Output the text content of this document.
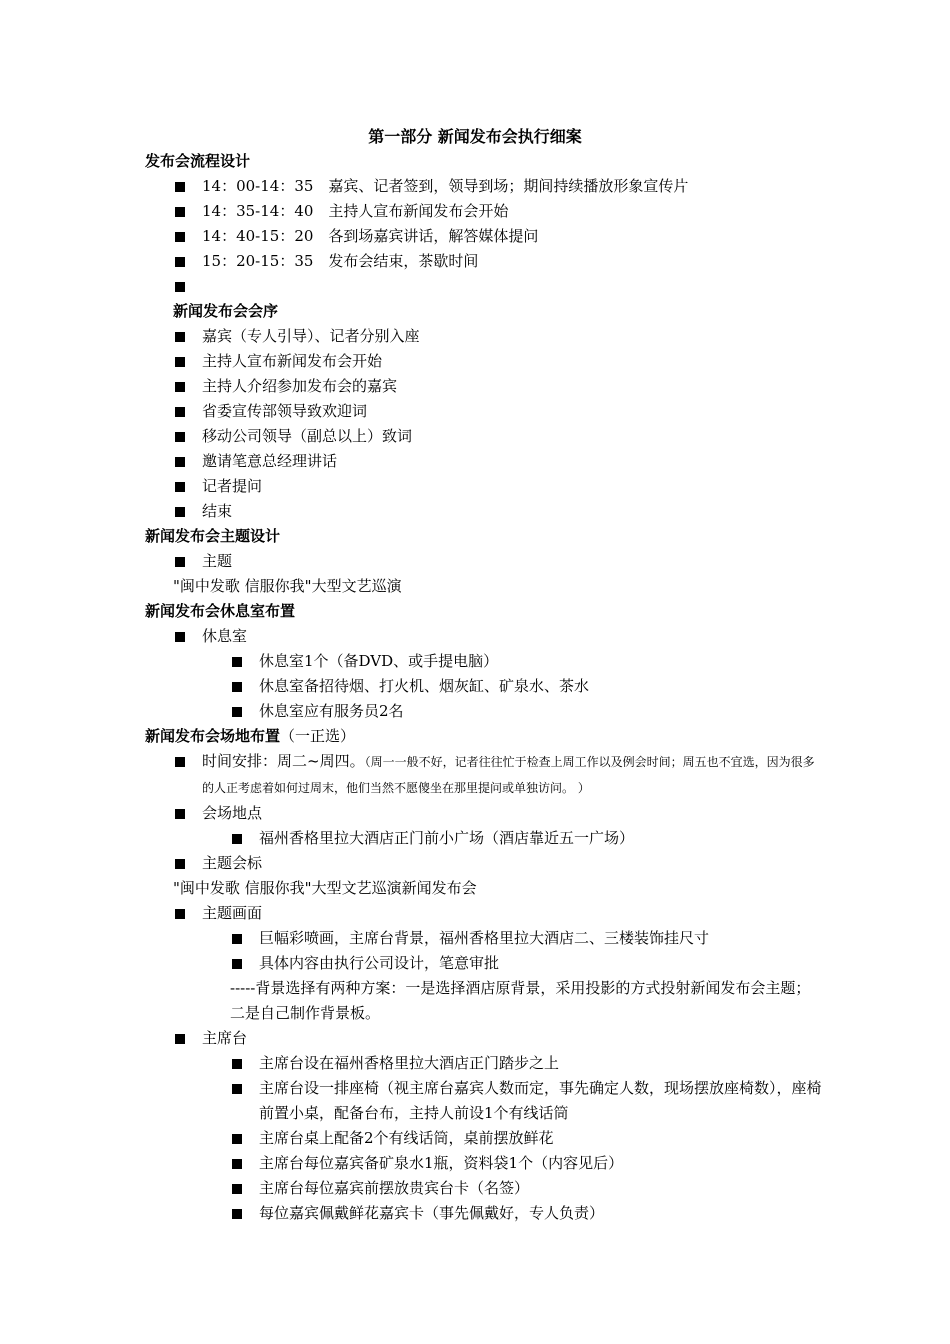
第一部分 新闻发布会执行细案
发布会流程设计
14：00-14：35　嘉宾、记者签到，领导到场；期间持续播放形象宣传片
14：35-14：40　主持人宣布新闻发布会开始
14：40-15：20　各到场嘉宾讲话，解答媒体提问
15：20-15：35　发布会结束，茶歇时间
新闻发布会会序
嘉宾（专人引导）、记者分别入座
主持人宣布新闻发布会开始
主持人介绍参加发布会的嘉宾
省委宣传部领导致欢迎词
移动公司领导（副总以上）致词
邀请笔意总经理讲话
记者提问
结束
新闻发布会主题设计
主题
"闽中发歌 信服你我"大型文艺巡演
新闻发布会休息室布置
休息室
休息室1个（备DVD、或手提电脑）
休息室备招待烟、打火机、烟灰缸、矿泉水、茶水
休息室应有服务员2名
新闻发布会场地布置（一正选）
时间安排：周二~周四。（周一一般不好，记者往往忙于检查上周工作以及例会时间；周五也不宜选，因为很多的人正考虑着如何过周末，他们当然不愿傻坐在那里提问或单独访问。 ）
会场地点
福州香格里拉大酒店正门前小广场（酒店靠近五一广场）
主题会标
"闽中发歌 信服你我"大型文艺巡演新闻发布会
主题画面
巨幅彩喷画，主席台背景，福州香格里拉大酒店二、三楼装饰挂尺寸
具体内容由执行公司设计，笔意审批
-----背景选择有两种方案：一是选择酒店原背景，采用投影的方式投射新闻发布会主题；二是自己制作背景板。
主席台
主席台设在福州香格里拉大酒店正门踏步之上
主席台设一排座椅（视主席台嘉宾人数而定，事先确定人数，现场摆放座椅数），座椅前置小桌，配备台布，主持人前设1个有线话筒
主席台桌上配备2个有线话筒，桌前摆放鲜花
主席台每位嘉宾备矿泉水1瓶，资料袋1个（内容见后）
主席台每位嘉宾前摆放贵宾台卡（名签）
每位嘉宾佩戴鲜花嘉宾卡（事先佩戴好，专人负责）
